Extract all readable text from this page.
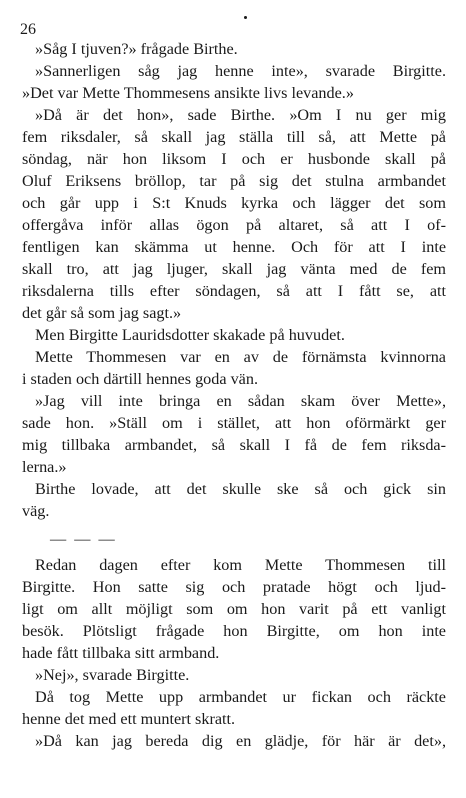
26
»Såg I tjuven?» frågade Birthe.
»Sannerligen såg jag henne inte», svarade Birgitte.
»Det var Mette Thommesens ansikte livs levande.»
»Då är det hon», sade Birthe. »Om I nu ger mig
fem riksdaler, så skall jag ställa till så, att Mette på
söndag, när hon liksom I och er husbonde skall på
Oluf Eriksens bröllop, tar på sig det stulna armbandet
och går upp i S:t Knuds kyrka och lägger det som
offergåva inför allas ögon på altaret, så att I of-
fentligen kan skämma ut henne. Och för att I inte
skall tro, att jag ljuger, skall jag vänta med de fem
riksdalerna tills efter söndagen, så att I fått se, att
det går så som jag sagt.»
Men Birgitte Lauridsdotter skakade på huvudet.
Mette Thommesen var en av de förnämsta kvinnorna
i staden och därtill hennes goda vän.
»Jag vill inte bringa en sådan skam över Mette»,
sade hon. »Ställ om i stället, att hon oförmärkt ger
mig tillbaka armbandet, så skall I få de fem riksda-
lerna.»
Birthe lovade, att det skulle ske så och gick sin
väg.
— — —
Redan dagen efter kom Mette Thommesen till
Birgitte. Hon satte sig och pratade högt och ljud-
ligt om allt möjligt som om hon varit på ett vanligt
besök. Plötsligt frågade hon Birgitte, om hon inte
hade fått tillbaka sitt armband.
»Nej», svarade Birgitte.
Då tog Mette upp armbandet ur fickan och räckte
henne det med ett muntert skratt.
»Då kan jag bereda dig en glädje, för här är det»,
